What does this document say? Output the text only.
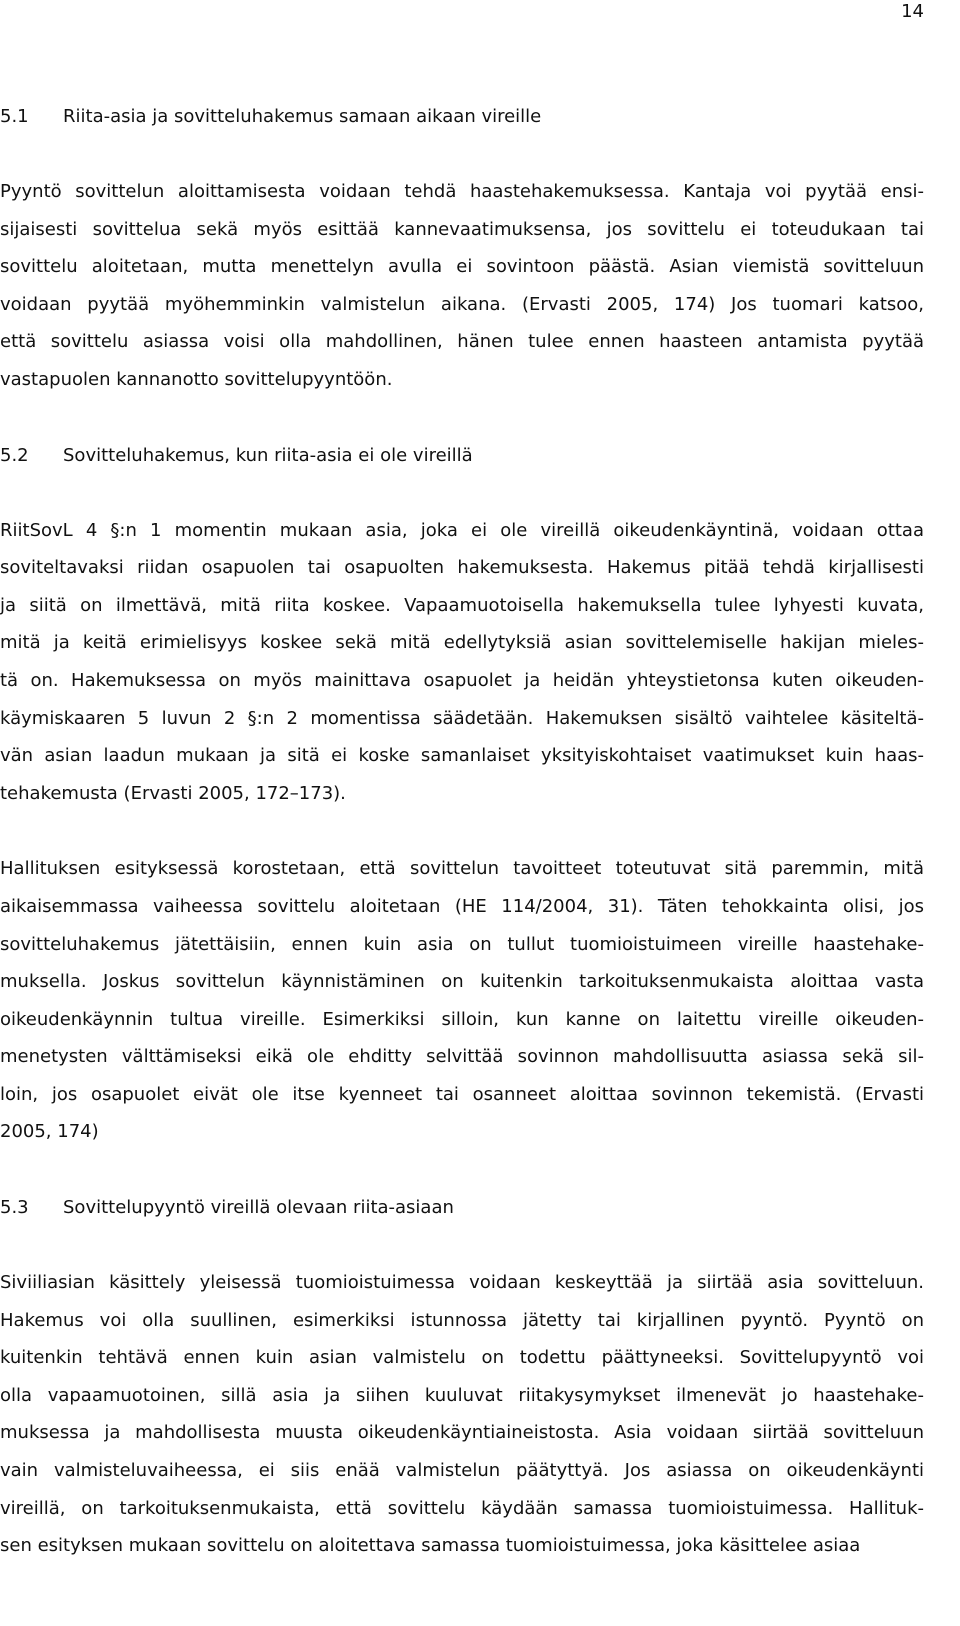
14
5.1	Riita-asia ja sovitteluhakemus samaan aikaan vireille
Pyyntö sovittelun aloittamisesta voidaan tehdä haastehakemuksessa. Kantaja voi pyytää ensi-
sijaisesti sovittelua sekä myös esittää kannevaatimuksensa, jos sovittelu ei toteudukaan tai
sovittelu aloitetaan, mutta menettelyn avulla ei sovintoon päästä. Asian viemistä sovitteluun
voidaan pyytää myöhemminkin valmistelun aikana. (Ervasti 2005, 174) Jos tuomari katsoo,
että sovittelu asiassa voisi olla mahdollinen, hänen tulee ennen haasteen antamista pyytää
vastapuolen kannanotto sovittelupyyntöön.
5.2	Sovitteluhakemus, kun riita-asia ei ole vireillä
RiitSovL 4 §:n 1 momentin mukaan asia, joka ei ole vireillä oikeudenkäyntinä, voidaan ottaa
soviteltavaksi riidan osapuolen tai osapuolten hakemuksesta. Hakemus pitää tehdä kirjallisesti
ja siitä on ilmettävä, mitä riita koskee. Vapaamuotoisella hakemuksella tulee lyhyesti kuvata,
mitä ja keitä erimielisyys koskee sekä mitä edellytyksiä asian sovittelemiselle hakijan mieles-
tä on. Hakemuksessa on myös mainittava osapuolet ja heidän yhteystietonsa kuten oikeuden-
käymiskaaren 5 luvun 2 §:n 2 momentissa säädetään. Hakemuksen sisältö vaihtelee käsiteltä-
vän asian laadun mukaan ja sitä ei koske samanlaiset yksityiskohtaiset vaatimukset kuin haas-
tehakemusta (Ervasti 2005, 172–173).
Hallituksen esityksessä korostetaan, että sovittelun tavoitteet toteutuvat sitä paremmin, mitä
aikaisemmassa vaiheessa sovittelu aloitetaan (HE 114/2004, 31). Täten tehokkainta olisi, jos
sovitteluhakemus jätettäisiin, ennen kuin asia on tullut tuomioistuimeen vireille haastehake-
muksella. Joskus sovittelun käynnistäminen on kuitenkin tarkoituksenmukaista aloittaa vasta
oikeudenkäynnin tultua vireille. Esimerkiksi silloin, kun kanne on laitettu vireille oikeuden-
menetysten välttämiseksi eikä ole ehditty selvittää sovinnon mahdollisuutta asiassa sekä sil-
loin, jos osapuolet eivät ole itse kyenneet tai osanneet aloittaa sovinnon tekemistä. (Ervasti
2005, 174)
5.3	Sovittelupyyntö vireillä olevaan riita-asiaan
Siviiliasian käsittely yleisessä tuomioistuimessa voidaan keskeyttää ja siirtää asia sovitteluun.
Hakemus voi olla suullinen, esimerkiksi istunnossa jätetty tai kirjallinen pyyntö. Pyyntö on
kuitenkin tehtävä ennen kuin asian valmistelu on todettu päättyneeksi. Sovittelupyyntö voi
olla vapaamuotoinen, sillä asia ja siihen kuuluvat riitakysymykset ilmenevät jo haastehake-
muksessa ja mahdollisesta muusta oikeudenkäyntiaineistosta. Asia voidaan siirtää sovitteluun
vain valmisteluvaiheessa, ei siis enää valmistelun päätyttyä. Jos asiassa on oikeudenkäynti
vireillä, on tarkoituksenmukaista, että sovittelu käydään samassa tuomioistuimessa. Hallituk-
sen esityksen mukaan sovittelu on aloitettava samassa tuomioistuimessa, joka käsittelee asiaa
